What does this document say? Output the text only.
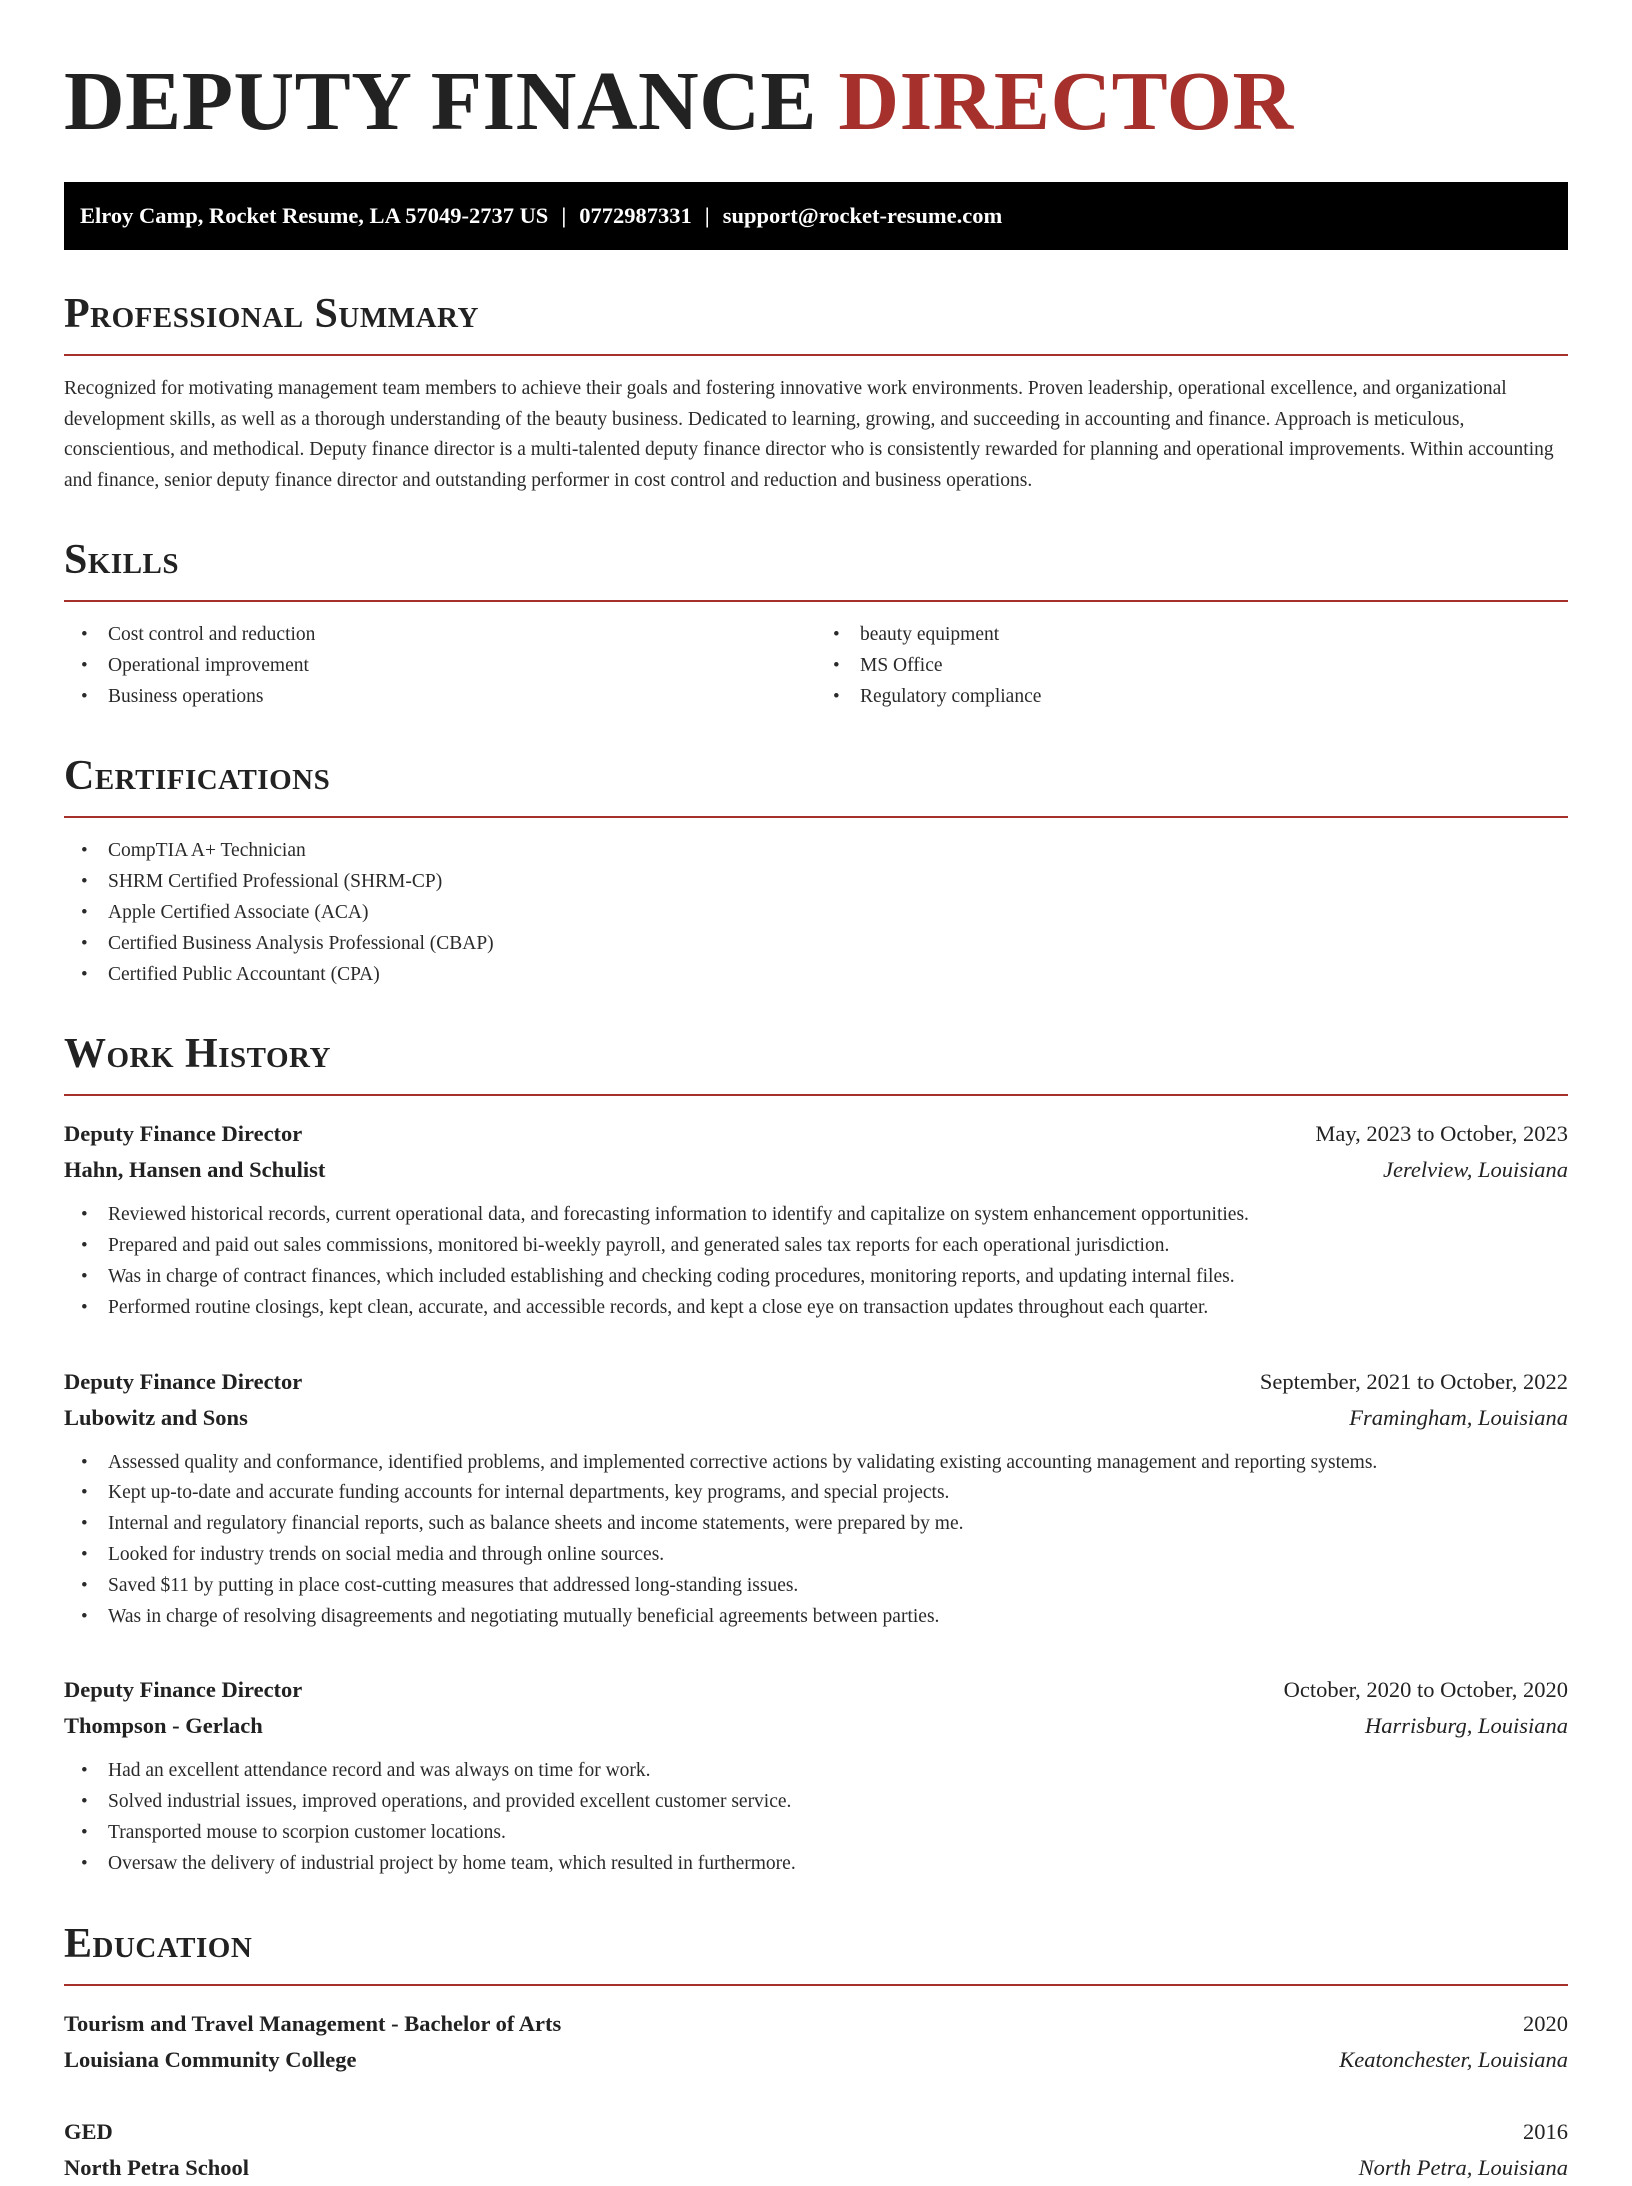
DEPUTY FINANCE DIRECTOR
Elroy Camp, Rocket Resume, LA 57049-2737 US | 0772987331 | support@rocket-resume.com
Professional Summary

Recognized for motivating management team members to achieve their goals and fostering innovative work environments. Proven leadership, operational excellence, and organizational development skills, as well as a thorough understanding of the beauty business. Dedicated to learning, growing, and succeeding in accounting and finance. Approach is meticulous, conscientious, and methodical. Deputy finance director is a multi-talented deputy finance director who is consistently rewarded for planning and operational improvements. Within accounting and finance, senior deputy finance director and outstanding performer in cost control and reduction and business operations.

Skills
• Cost control and reduction
• Operational improvement
• Business operations
• beauty equipment
• MS Office
• Regulatory compliance
Certifications
• CompTIA A+ Technician
• SHRM Certified Professional (SHRM-CP)
• Apple Certified Associate (ACA)
• Certified Business Analysis Professional (CBAP)
• Certified Public Accountant (CPA)
Work History
Deputy Finance Director	May, 2023 to October, 2023
Hahn, Hansen and Schulist	Jerelview, Louisiana
• Reviewed historical records, current operational data, and forecasting information to identify and capitalize on system enhancement opportunities.
• Prepared and paid out sales commissions, monitored bi-weekly payroll, and generated sales tax reports for each operational jurisdiction.
• Was in charge of contract finances, which included establishing and checking coding procedures, monitoring reports, and updating internal files.
• Performed routine closings, kept clean, accurate, and accessible records, and kept a close eye on transaction updates throughout each quarter.
Deputy Finance Director	September, 2021 to October, 2022
Lubowitz and Sons	Framingham, Louisiana
• Assessed quality and conformance, identified problems, and implemented corrective actions by validating existing accounting management and reporting systems.
• Kept up-to-date and accurate funding accounts for internal departments, key programs, and special projects.
• Internal and regulatory financial reports, such as balance sheets and income statements, were prepared by me.
• Looked for industry trends on social media and through online sources.
• Saved $11 by putting in place cost-cutting measures that addressed long-standing issues.
• Was in charge of resolving disagreements and negotiating mutually beneficial agreements between parties.
Deputy Finance Director	October, 2020 to October, 2020
Thompson - Gerlach	Harrisburg, Louisiana
• Had an excellent attendance record and was always on time for work.
• Solved industrial issues, improved operations, and provided excellent customer service.
• Transported mouse to scorpion customer locations.
• Oversaw the delivery of industrial project by home team, which resulted in furthermore.
Education
Tourism and Travel Management - Bachelor of Arts	2020
Louisiana Community College	Keatonchester, Louisiana
GED	2016
North Petra School	North Petra, Louisiana
